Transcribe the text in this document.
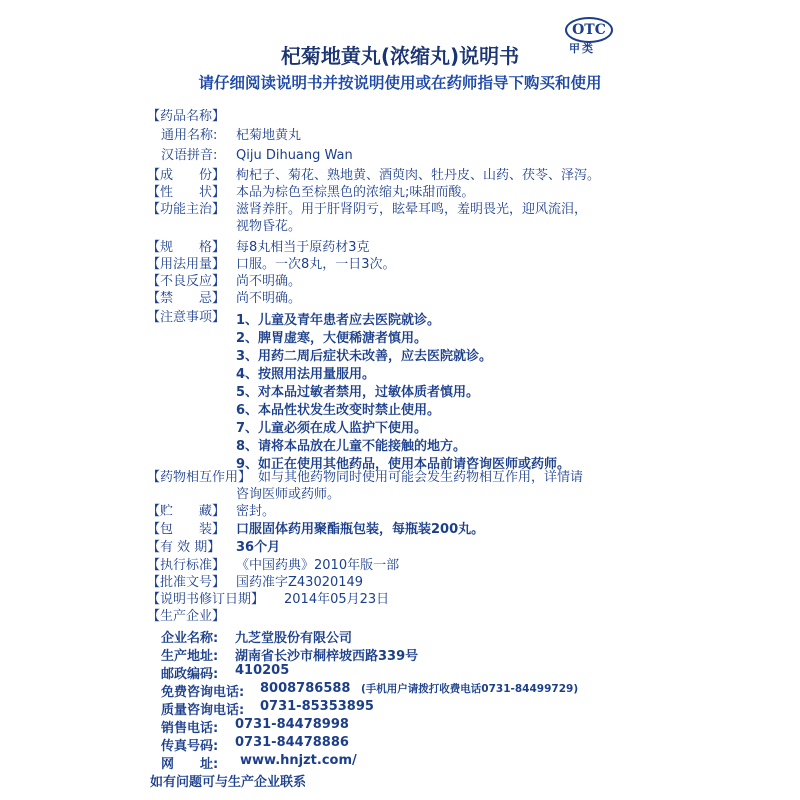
OTC
甲类
杞菊地黄丸(浓缩丸)说明书
请仔细阅读说明书并按说明使用或在药师指导下购买和使用
【药品名称】
通用名称: 杞菊地黄丸
汉语拼音: Qiju Dihuang Wan
【成　　份】 枸杞子、菊花、熟地黄、酒萸肉、牡丹皮、山药、茯苓、泽泻。
【性　　状】 本品为棕色至棕黑色的浓缩丸;味甜而酸。
【功能主治】 滋肾养肝。用于肝肾阴亏，眩晕耳鸣，羞明畏光，迎风流泪，
视物昏花。
【规　　格】 每8丸相当于原药材3克
【用法用量】 口服。一次8丸，一日3次。
【不良反应】 尚不明确。
【禁　　忌】 尚不明确。
【注意事项】 1、儿童及青年患者应去医院就诊。
2、脾胃虚寒，大便稀溏者慎用。
3、用药二周后症状未改善，应去医院就诊。
4、按照用法用量服用。
5、对本品过敏者禁用，过敏体质者慎用。
6、本品性状发生改变时禁止使用。
7、儿童必须在成人监护下使用。
8、请将本品放在儿童不能接触的地方。
9、如正在使用其他药品，使用本品前请咨询医师或药师。
【药物相互作用】 如与其他药物同时使用可能会发生药物相互作用，详情请
咨询医师或药师。
【贮　　藏】 密封。
【包　　装】 口服固体药用聚酯瓶包装，每瓶装200丸。
【有 效 期】 36个月
【执行标准】 《中国药典》2010年版一部
【批准文号】 国药准字Z43020149
【说明书修订日期】 2014年05月23日
【生产企业】
企业名称: 九芝堂股份有限公司
生产地址: 湖南省长沙市桐梓坡西路339号
邮政编码: 410205
免费咨询电话: 8008786588 (手机用户请拨打收费电话0731-84499729)
质量咨询电话: 0731-85353895
销售电话: 0731-84478998
传真号码: 0731-84478886
网　　址: www.hnjzt.com/
如有问题可与生产企业联系
